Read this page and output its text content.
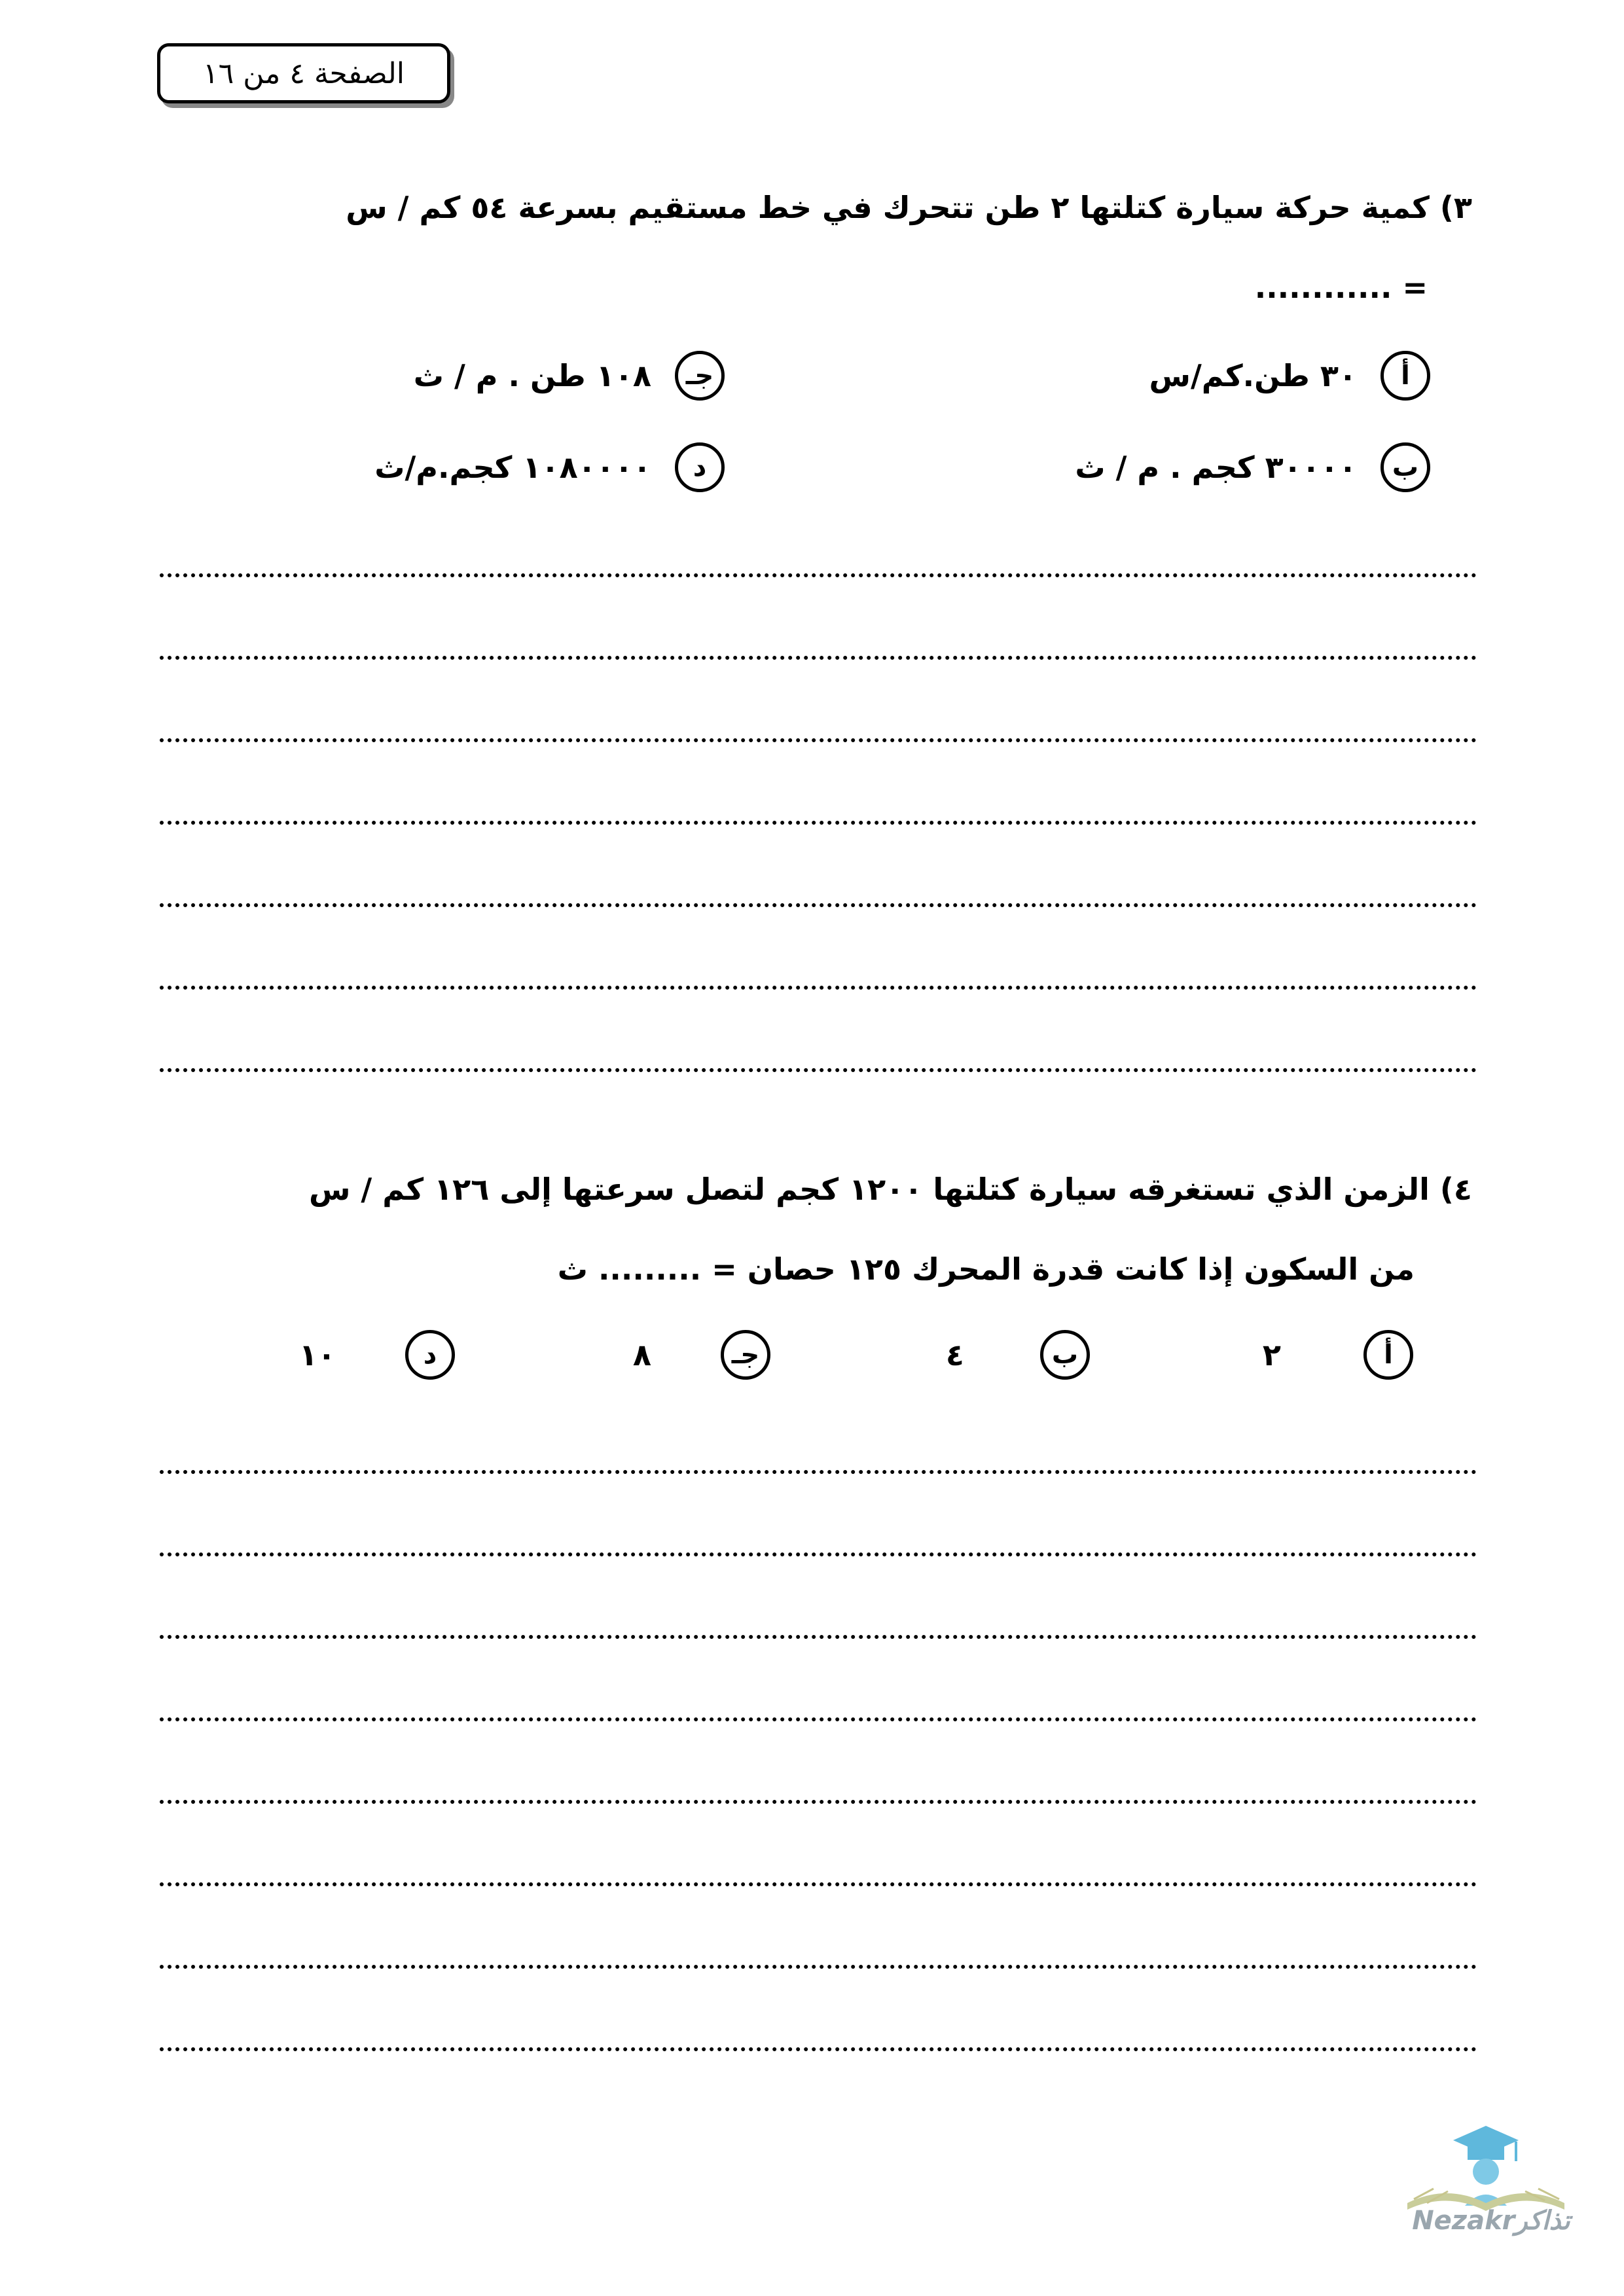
الصفحة ٤ من ١٦
٣) كمية حركة سيارة كتلتها ٢ طن تتحرك في خط مستقيم بسرعة ٥٤ كم / س
= ............
أ
٣٠ طن.كم/س
ب
٣٠٠٠٠ كجم . م / ث
جـ
١٠٨ طن . م / ث
د
١٠٨٠٠٠٠ كجم.م/ث
٤) الزمن الذي تستغرقه سيارة كتلتها ١٢٠٠ كجم لتصل سرعتها إلى ١٢٦ كم / س
من السكون إذا كانت قدرة المحرك ١٢٥ حصان = ......... ث
أ
٢
ب
٤
جـ
٨
د
١٠
Nezakrتذاكر
